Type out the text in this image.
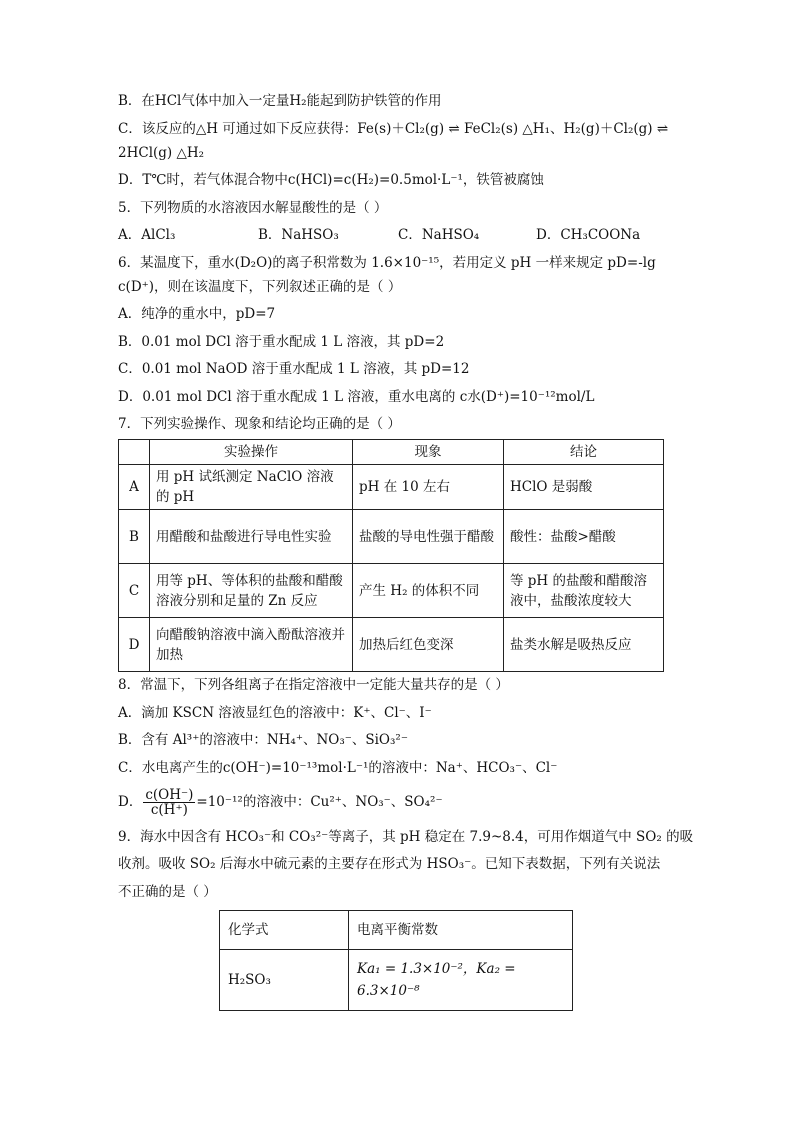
B．在HCl气体中加入一定量H₂能起到防护铁管的作用
C．该反应的△H 可通过如下反应获得：Fe(s)＋Cl₂(g) ⇌ FeCl₂(s) △H₁、H₂(g)＋Cl₂(g) ⇌
2HCl(g) △H₂
D．T℃时，若气体混合物中c(HCl)=c(H₂)=0.5mol·L⁻¹，铁管被腐蚀
5．下列物质的水溶液因水解显酸性的是（ ）
A．AlCl₃	B．NaHSO₃	C．NaHSO₄	D．CH₃COONa
6．某温度下，重水(D₂O)的离子积常数为 1.6×10⁻¹⁵，若用定义 pH 一样来规定 pD=-lg
c(D⁺)，则在该温度下，下列叙述正确的是（ ）
A．纯净的重水中，pD=7
B．0.01 mol DCl 溶于重水配成 1 L 溶液，其 pD=2
C．0.01 mol NaOD 溶于重水配成 1 L 溶液，其 pD=12
D．0.01 mol DCl 溶于重水配成 1 L 溶液，重水电离的 c水(D⁺)=10⁻¹²mol/L
7．下列实验操作、现象和结论均正确的是（ ）
	实验操作	现象	结论
A	用 pH 试纸测定 NaClO 溶液的 pH	pH 在 10 左右	HClO 是弱酸
B	用醋酸和盐酸进行导电性实验	盐酸的导电性强于醋酸	酸性：盐酸>醋酸
C	用等 pH、等体积的盐酸和醋酸溶液分别和足量的 Zn 反应	产生 H₂ 的体积不同	等 pH 的盐酸和醋酸溶液中，盐酸浓度较大
D	向醋酸钠溶液中滴入酚酞溶液并加热	加热后红色变深	盐类水解是吸热反应
8．常温下，下列各组离子在指定溶液中一定能大量共存的是（ ）
A．滴加 KSCN 溶液显红色的溶液中：K⁺、Cl⁻、I⁻
B．含有 Al³⁺的溶液中：NH₄⁺、NO₃⁻、SiO₃²⁻
C．水电离产生的c(OH⁻)=10⁻¹³mol·L⁻¹的溶液中：Na⁺、HCO₃⁻、Cl⁻
D． $\frac{c(OH^-)}{c(H^+)} =10^{-12}$的溶液中：Cu²⁺、NO₃⁻、SO₄²⁻
9．海水中因含有 HCO₃⁻和 CO₃²⁻等离子，其 pH 稳定在 7.9~8.4，可用作烟道气中 SO₂ 的吸
收剂。吸收 SO₂ 后海水中硫元素的主要存在形式为 HSO₃⁻。已知下表数据，下列有关说法
不正确的是（ ）
化学式	电离平衡常数
H₂SO₃	Ka₁ = 1.3×10⁻²，Ka₂ = 6.3×10⁻⁸
